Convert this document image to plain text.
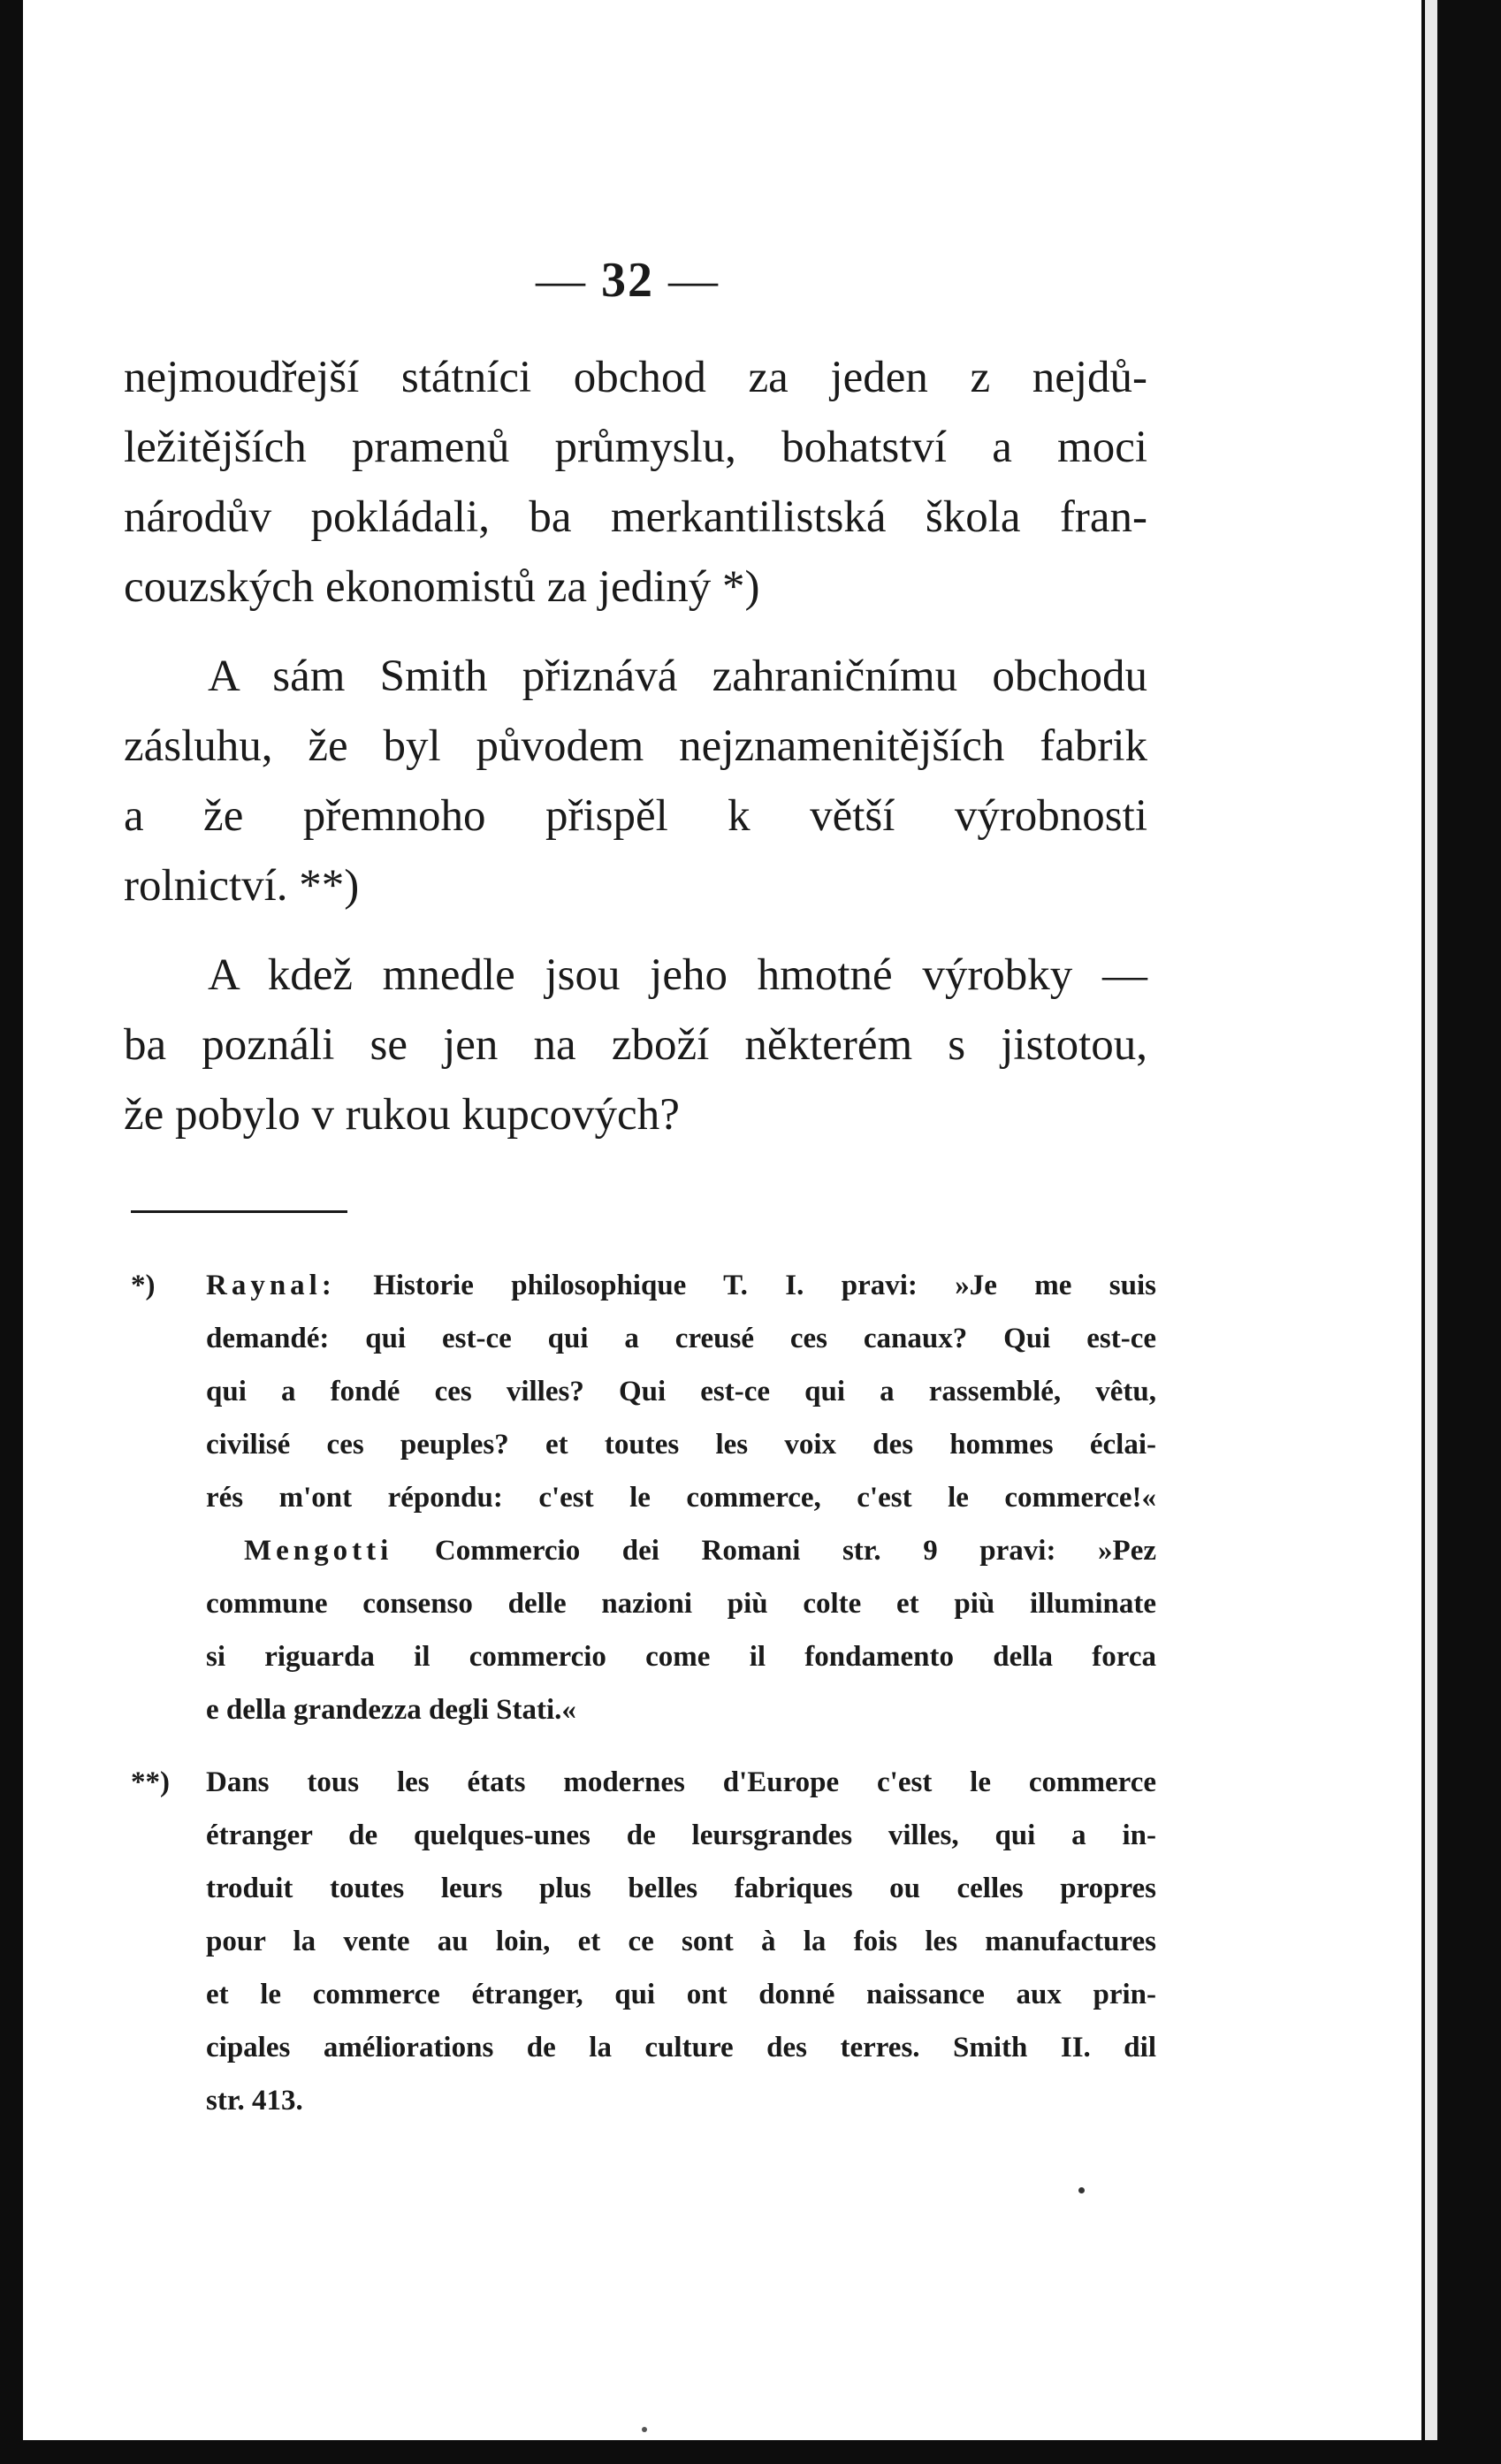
— 32 —
nejmoudřejší státníci obchod za jeden z nejdů-
ležitějších pramenů průmyslu, bohatství a moci
národův pokládali, ba merkantilistská škola fran-
couzských ekonomistů za jediný *)
A sám Smith přiznává zahraničnímu obchodu
zásluhu, že byl původem nejznamenitějších fabrik
a že přemnoho přispěl k větší výrobnosti
rolnictví. **)
A kdež mnedle jsou jeho hmotné výrobky —
ba poználi se jen na zboží některém s jistotou,
že pobylo v rukou kupcových?
*) Raynal: Historie philosophique T. I. pravi: »Je me suis
demandé: qui est-ce qui a creusé ces canaux? Qui est-ce
qui a fondé ces villes? Qui est-ce qui a rassemblé, vêtu,
civilisé ces peuples? et toutes les voix des hommes éclai-
rés m'ont répondu: c'est le commerce, c'est le commerce!«
Mengotti Commercio dei Romani str. 9 pravi: »Pez
commune consenso delle nazioni più colte et più illuminate
si riguarda il commercio come il fondamento della forca
e della grandezza degli Stati.«
**) Dans tous les états modernes d'Europe c'est le commerce
étranger de quelques-unes de leursgrandes villes, qui a in-
troduit toutes leurs plus belles fabriques ou celles propres
pour la vente au loin, et ce sont à la fois les manufactures
et le commerce étranger, qui ont donné naissance aux prin-
cipales améliorations de la culture des terres. Smith II. dil
str. 413.
